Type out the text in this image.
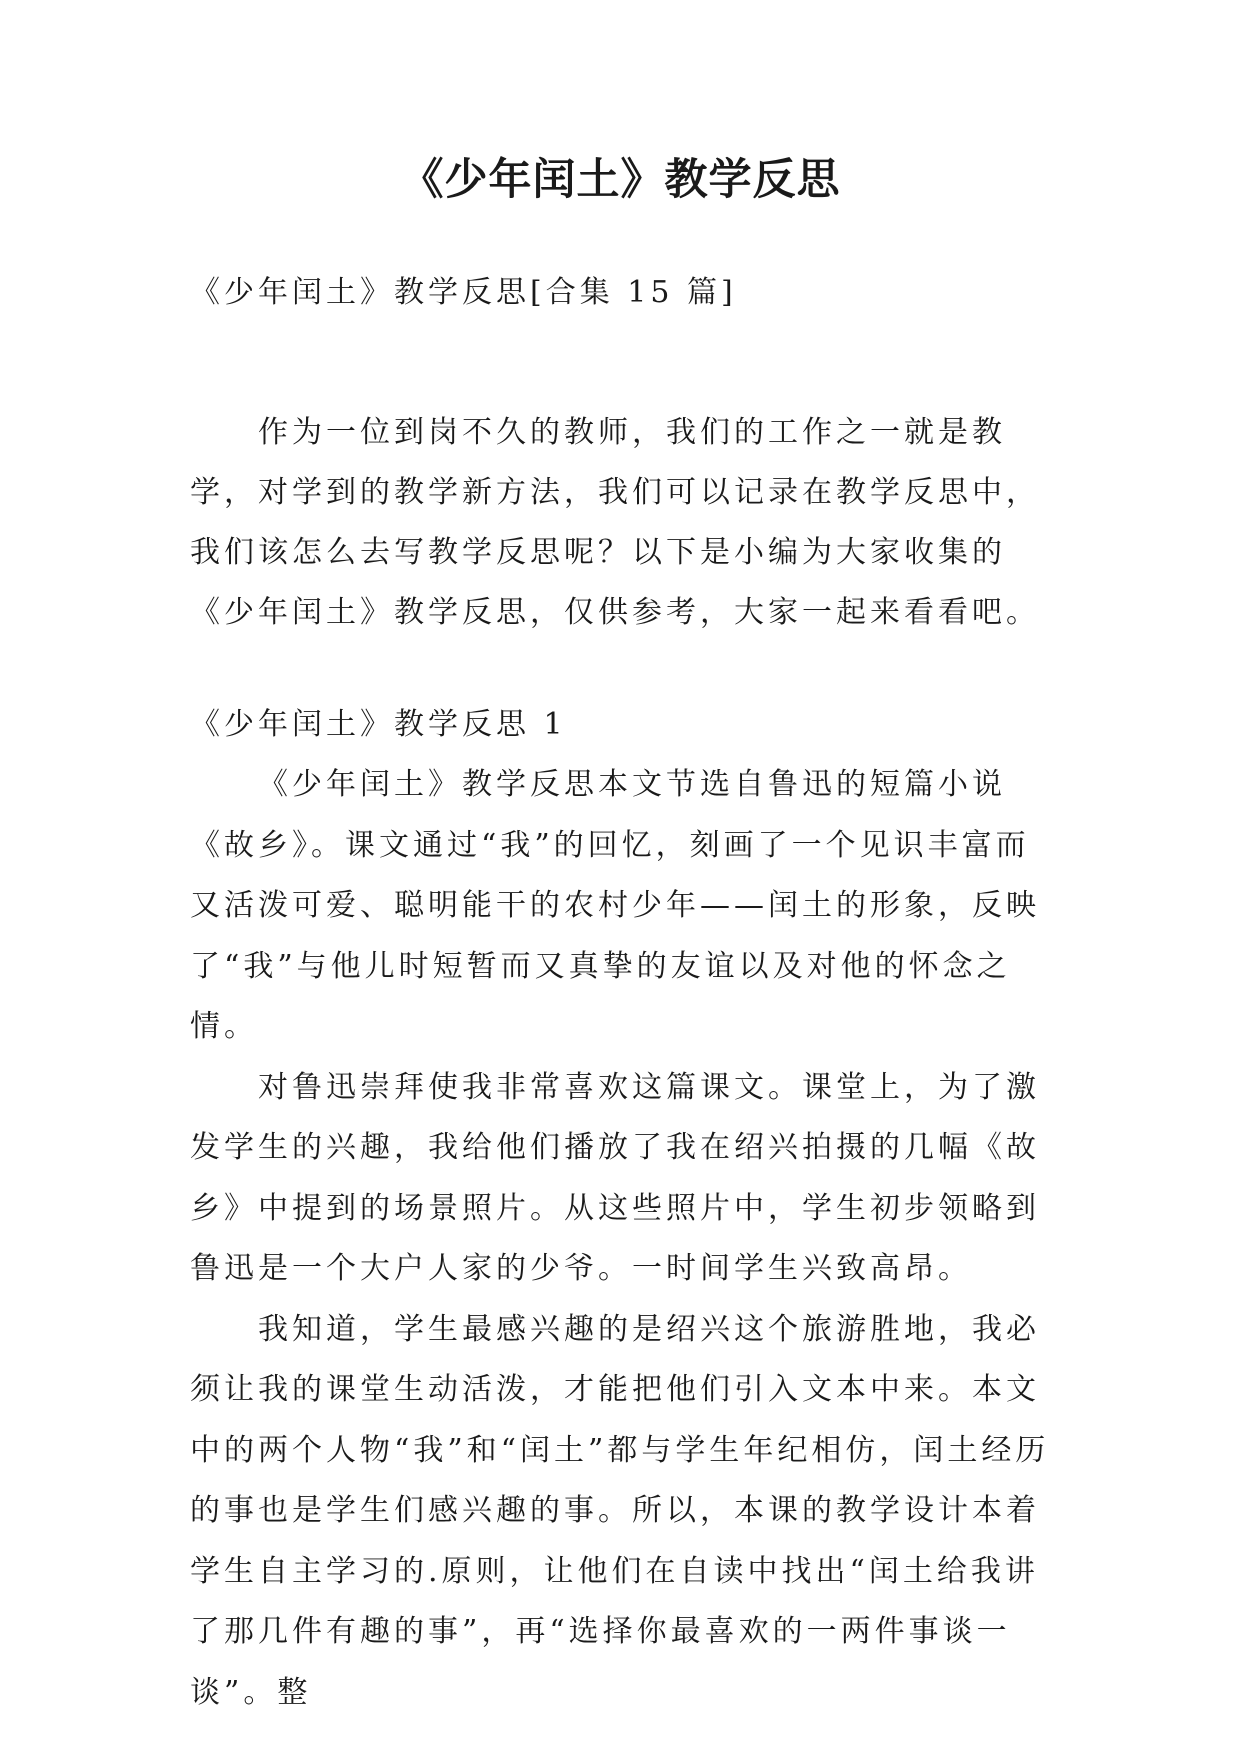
《少年闰土》教学反思

《少年闰土》教学反思[合集 15 篇]

作为一位到岗不久的教师，我们的工作之一就是教学，对学到的教学新方法，我们可以记录在教学反思中，我们该怎么去写教学反思呢？以下是小编为大家收集的《少年闰土》教学反思，仅供参考，大家一起来看看吧。

《少年闰土》教学反思 1

《少年闰土》教学反思本文节选自鲁迅的短篇小说《故乡》。课文通过“我”的回忆，刻画了一个见识丰富而又活泼可爱、聪明能干的农村少年——闰土的形象，反映了“我”与他儿时短暂而又真挚的友谊以及对他的怀念之情。

对鲁迅崇拜使我非常喜欢这篇课文。课堂上，为了激发学生的兴趣，我给他们播放了我在绍兴拍摄的几幅《故乡》中提到的场景照片。从这些照片中，学生初步领略到鲁迅是一个大户人家的少爷。一时间学生兴致高昂。

我知道，学生最感兴趣的是绍兴这个旅游胜地，我必须让我的课堂生动活泼，才能把他们引入文本中来。本文中的两个人物“我”和“闰土”都与学生年纪相仿，闰土经历的事也是学生们感兴趣的事。所以，本课的教学设计本着学生自主学习的.原则，让他们在自读中找出“闰土给我讲了那几件有趣的事”，再“选择你最喜欢的一两件事谈一谈”。整
